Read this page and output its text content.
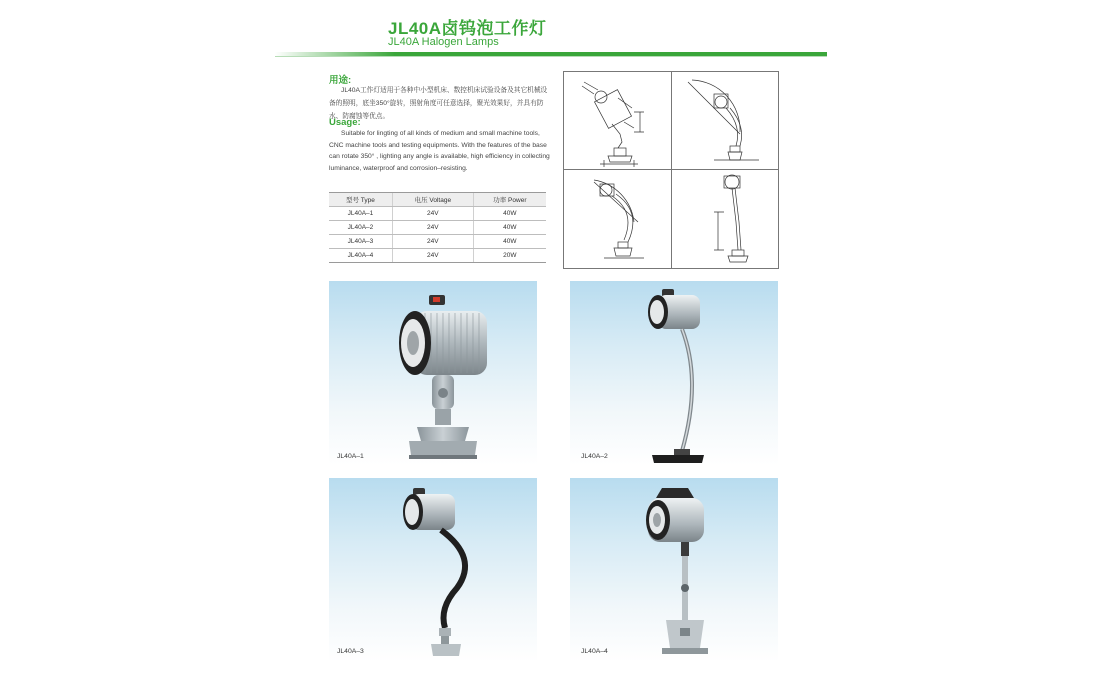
JL40A卤钨泡工作灯
JL40A Halogen Lamps
用途:
JL40A工作灯适用于各种中小型机床、数控机床试验设备及其它机械设备的照明，底坐350°旋转，照射角度可任意选择，聚光效果好，并具有防水、防腐蚀等优点。
Usage:
Suitable for lingting of all kinds of medium and small machine tools, CNC machine tools and testing equipments. With the features of the base can rotate 350° , lighting any angle is available, high efficiency in collecting luminance, waterproof and corrosion–resisting.
型号 Type	电压 Voltage	功率 Power
JL40A–1	24V	40W
JL40A–2	24V	40W
JL40A–3	24V	40W
JL40A–4	24V	20W
JL40A–1	JL40A–2
JL40A–3	JL40A–4
